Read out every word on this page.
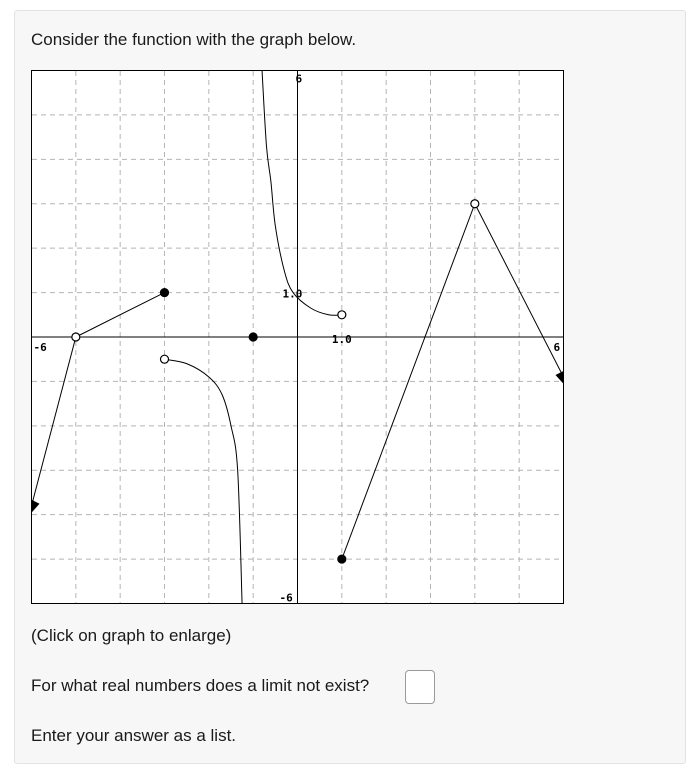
Consider the function with the graph below.
-6	6
1.0
6
-6
1.0
(Click on graph to enlarge)
For what real numbers does a limit not exist?
Enter your answer as a list.
